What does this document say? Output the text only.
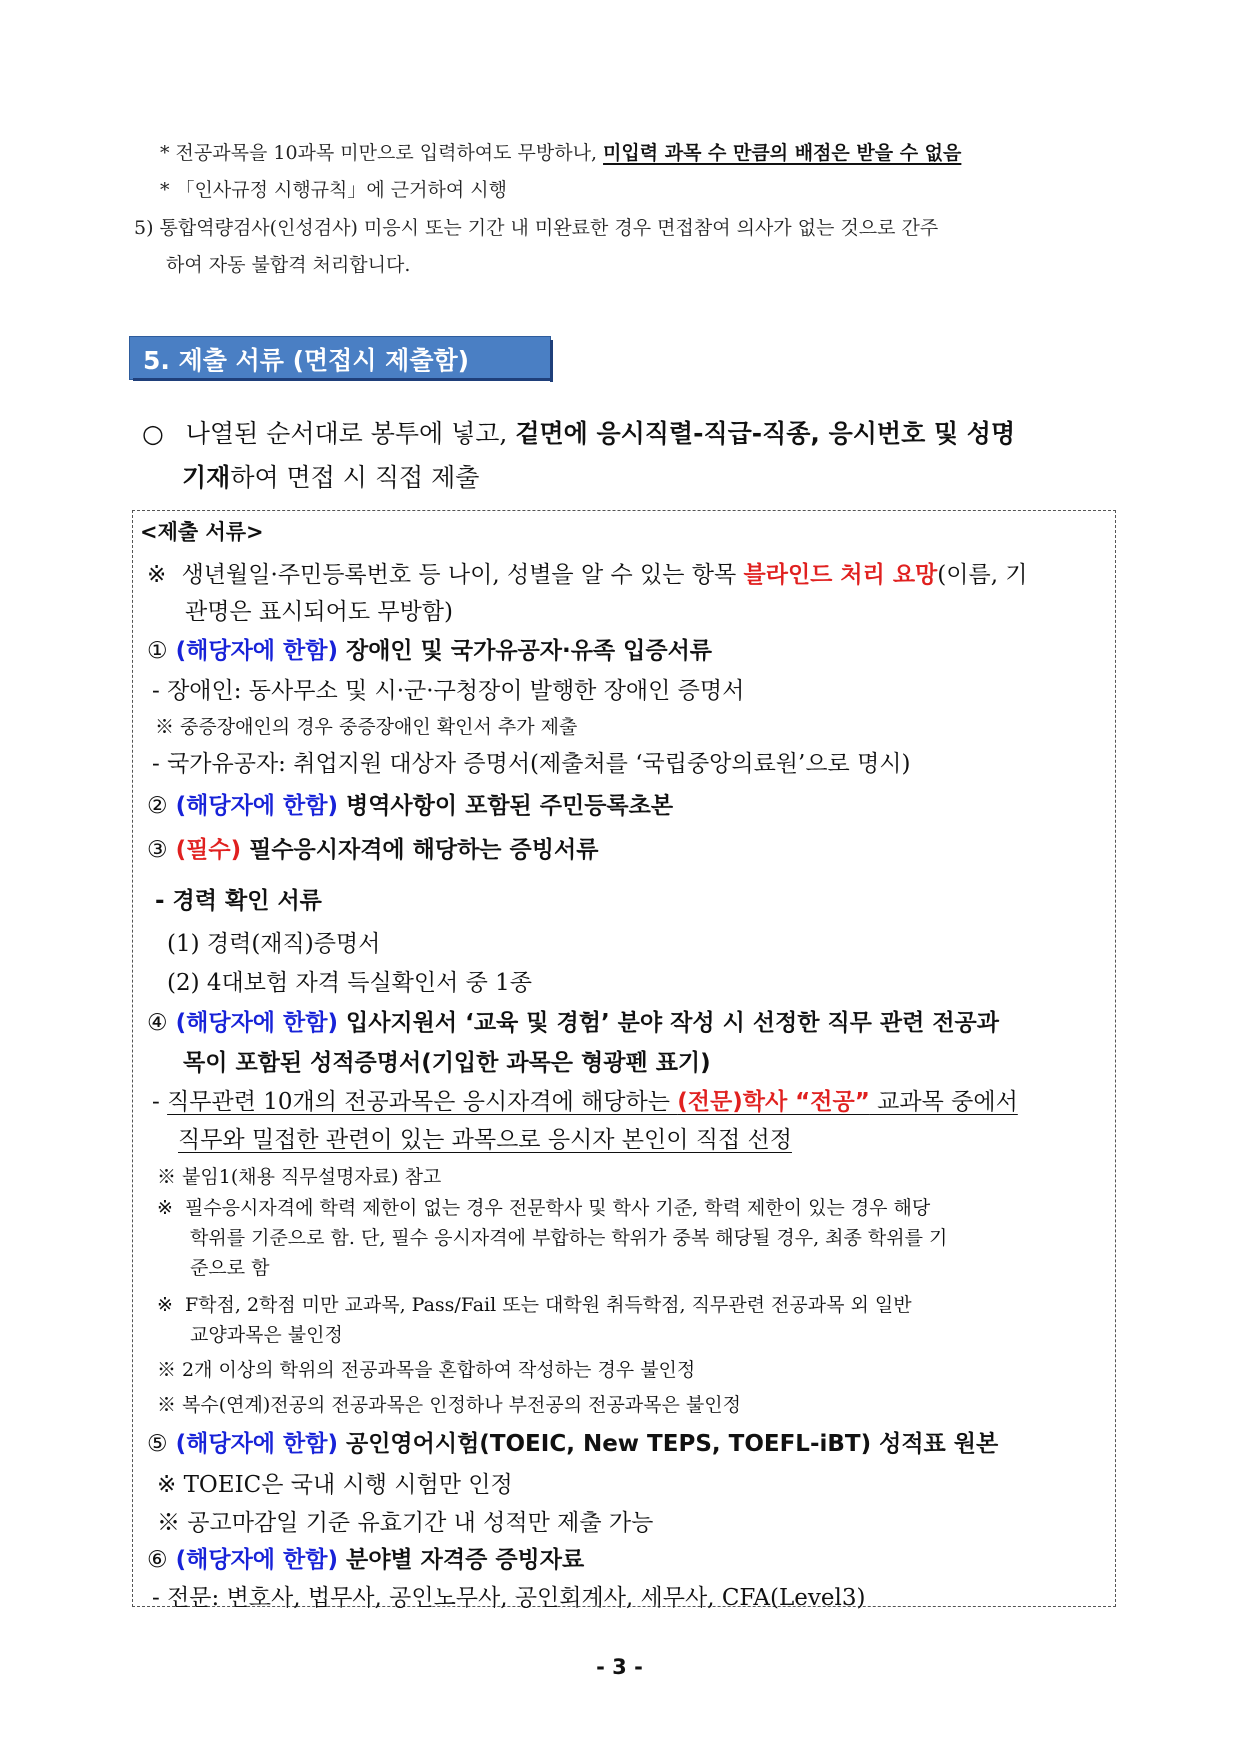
* 전공과목을 10과목 미만으로 입력하여도 무방하나, 미입력 과목 수 만큼의 배점은 받을 수 없음
* 「인사규정 시행규칙」에 근거하여 시행
5) 통합역량검사(인성검사) 미응시 또는 기간 내 미완료한 경우 면접참여 의사가 없는 것으로 간주
하여 자동 불합격 처리합니다.
5. 제출 서류 (면접시 제출함)
○ 나열된 순서대로 봉투에 넣고, 겉면에 응시직렬-직급-직종, 응시번호 및 성명
기재하여 면접 시 직접 제출
<제출 서류>
※ 생년월일·주민등록번호 등 나이, 성별을 알 수 있는 항목 블라인드 처리 요망(이름, 기
관명은 표시되어도 무방함)
① (해당자에 한함) 장애인 및 국가유공자·유족 입증서류
- 장애인: 동사무소 및 시·군·구청장이 발행한 장애인 증명서
※ 중증장애인의 경우 중증장애인 확인서 추가 제출
- 국가유공자: 취업지원 대상자 증명서(제출처를 ‘국립중앙의료원’으로 명시)
② (해당자에 한함) 병역사항이 포함된 주민등록초본
③ (필수) 필수응시자격에 해당하는 증빙서류
- 경력 확인 서류
(1) 경력(재직)증명서
(2) 4대보험 자격 득실확인서 중 1종
④ (해당자에 한함) 입사지원서 ‘교육 및 경험’ 분야 작성 시 선정한 직무 관련 전공과
목이 포함된 성적증명서(기입한 과목은 형광펜 표기)
- 직무관련 10개의 전공과목은 응시자격에 해당하는 (전문)학사 “전공” 교과목 중에서
직무와 밀접한 관련이 있는 과목으로 응시자 본인이 직접 선정
※ 붙임1(채용 직무설명자료) 참고
※ 필수응시자격에 학력 제한이 없는 경우 전문학사 및 학사 기준, 학력 제한이 있는 경우 해당
학위를 기준으로 함. 단, 필수 응시자격에 부합하는 학위가 중복 해당될 경우, 최종 학위를 기
준으로 함
※ F학점, 2학점 미만 교과목, Pass/Fail 또는 대학원 취득학점, 직무관련 전공과목 외 일반
교양과목은 불인정
※ 2개 이상의 학위의 전공과목을 혼합하여 작성하는 경우 불인정
※ 복수(연계)전공의 전공과목은 인정하나 부전공의 전공과목은 불인정
⑤ (해당자에 한함) 공인영어시험(TOEIC, New TEPS, TOEFL-iBT) 성적표 원본
※ TOEIC은 국내 시행 시험만 인정
※ 공고마감일 기준 유효기간 내 성적만 제출 가능
⑥ (해당자에 한함) 분야별 자격증 증빙자료
- 전문: 변호사, 법무사, 공인노무사, 공인회계사, 세무사, CFA(Level3)
- 3 -
